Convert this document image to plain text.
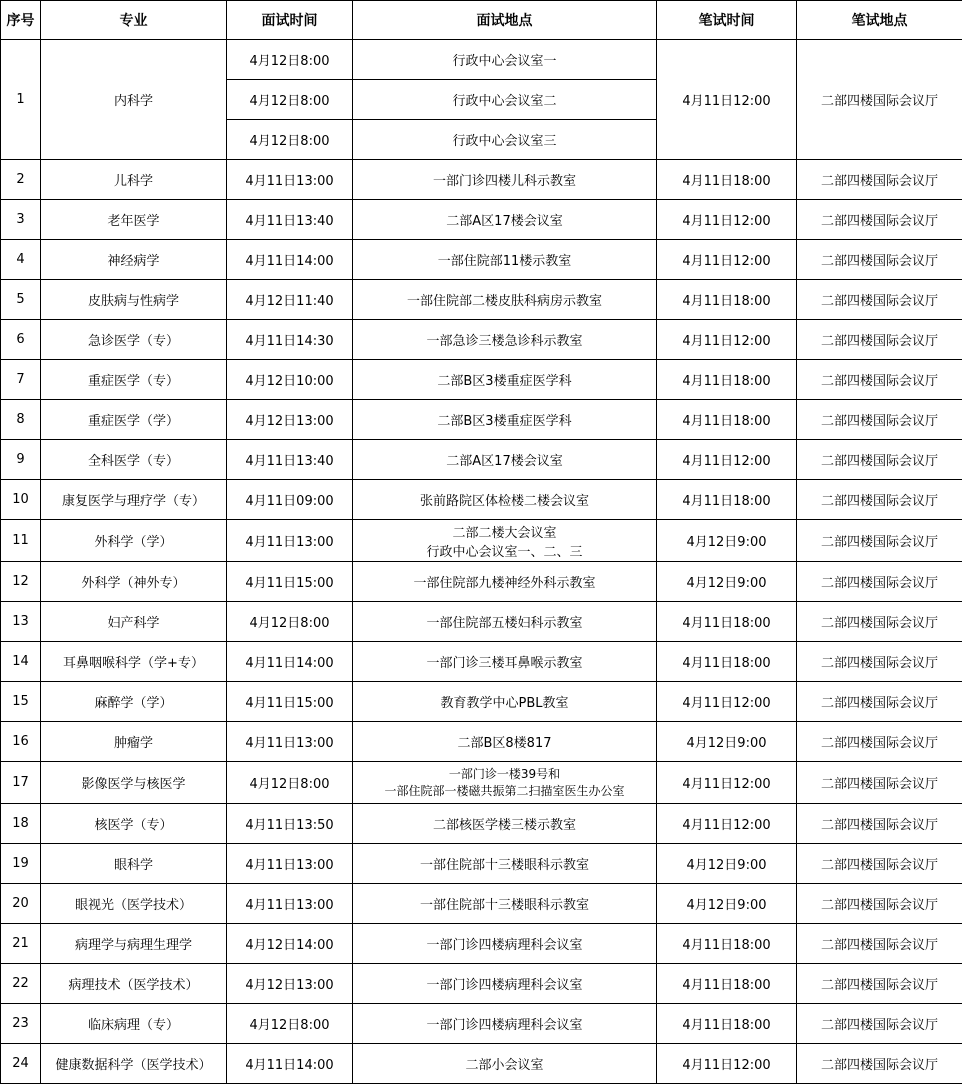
序号	专业	面试时间	面试地点	笔试时间	笔试地点
1	内科学	4月12日8:00	行政中心会议室一	4月11日12:00	二部四楼国际会议厅
		4月12日8:00	行政中心会议室二		
		4月12日8:00	行政中心会议室三		
2	儿科学	4月11日13:00	一部门诊四楼儿科示教室	4月11日18:00	二部四楼国际会议厅
3	老年医学	4月11日13:40	二部A区17楼会议室	4月11日12:00	二部四楼国际会议厅
4	神经病学	4月11日14:00	一部住院部11楼示教室	4月11日12:00	二部四楼国际会议厅
5	皮肤病与性病学	4月12日11:40	一部住院部二楼皮肤科病房示教室	4月11日18:00	二部四楼国际会议厅
6	急诊医学（专）	4月11日14:30	一部急诊三楼急诊科示教室	4月11日12:00	二部四楼国际会议厅
7	重症医学（专）	4月12日10:00	二部B区3楼重症医学科	4月11日18:00	二部四楼国际会议厅
8	重症医学（学）	4月12日13:00	二部B区3楼重症医学科	4月11日18:00	二部四楼国际会议厅
9	全科医学（专）	4月11日13:40	二部A区17楼会议室	4月11日12:00	二部四楼国际会议厅
10	康复医学与理疗学（专）	4月11日09:00	张前路院区体检楼二楼会议室	4月11日18:00	二部四楼国际会议厅
11	外科学（学）	4月11日13:00	二部二楼大会议室
行政中心会议室一、二、三	4月12日9:00	二部四楼国际会议厅
12	外科学（神外专）	4月11日15:00	一部住院部九楼神经外科示教室	4月12日9:00	二部四楼国际会议厅
13	妇产科学	4月12日8:00	一部住院部五楼妇科示教室	4月11日18:00	二部四楼国际会议厅
14	耳鼻咽喉科学（学+专）	4月11日14:00	一部门诊三楼耳鼻喉示教室	4月11日18:00	二部四楼国际会议厅
15	麻醉学（学）	4月11日15:00	教育教学中心PBL教室	4月11日12:00	二部四楼国际会议厅
16	肿瘤学	4月11日13:00	二部B区8楼817	4月12日9:00	二部四楼国际会议厅
17	影像医学与核医学	4月12日8:00	一部门诊一楼39号和
一部住院部一楼磁共振第二扫描室医生办公室	4月11日12:00	二部四楼国际会议厅
18	核医学（专）	4月11日13:50	二部核医学楼三楼示教室	4月11日12:00	二部四楼国际会议厅
19	眼科学	4月11日13:00	一部住院部十三楼眼科示教室	4月12日9:00	二部四楼国际会议厅
20	眼视光（医学技术）	4月11日13:00	一部住院部十三楼眼科示教室	4月12日9:00	二部四楼国际会议厅
21	病理学与病理生理学	4月12日14:00	一部门诊四楼病理科会议室	4月11日18:00	二部四楼国际会议厅
22	病理技术（医学技术）	4月12日13:00	一部门诊四楼病理科会议室	4月11日18:00	二部四楼国际会议厅
23	临床病理（专）	4月12日8:00	一部门诊四楼病理科会议室	4月11日18:00	二部四楼国际会议厅
24	健康数据科学（医学技术）	4月11日14:00	二部小会议室	4月11日12:00	二部四楼国际会议厅
